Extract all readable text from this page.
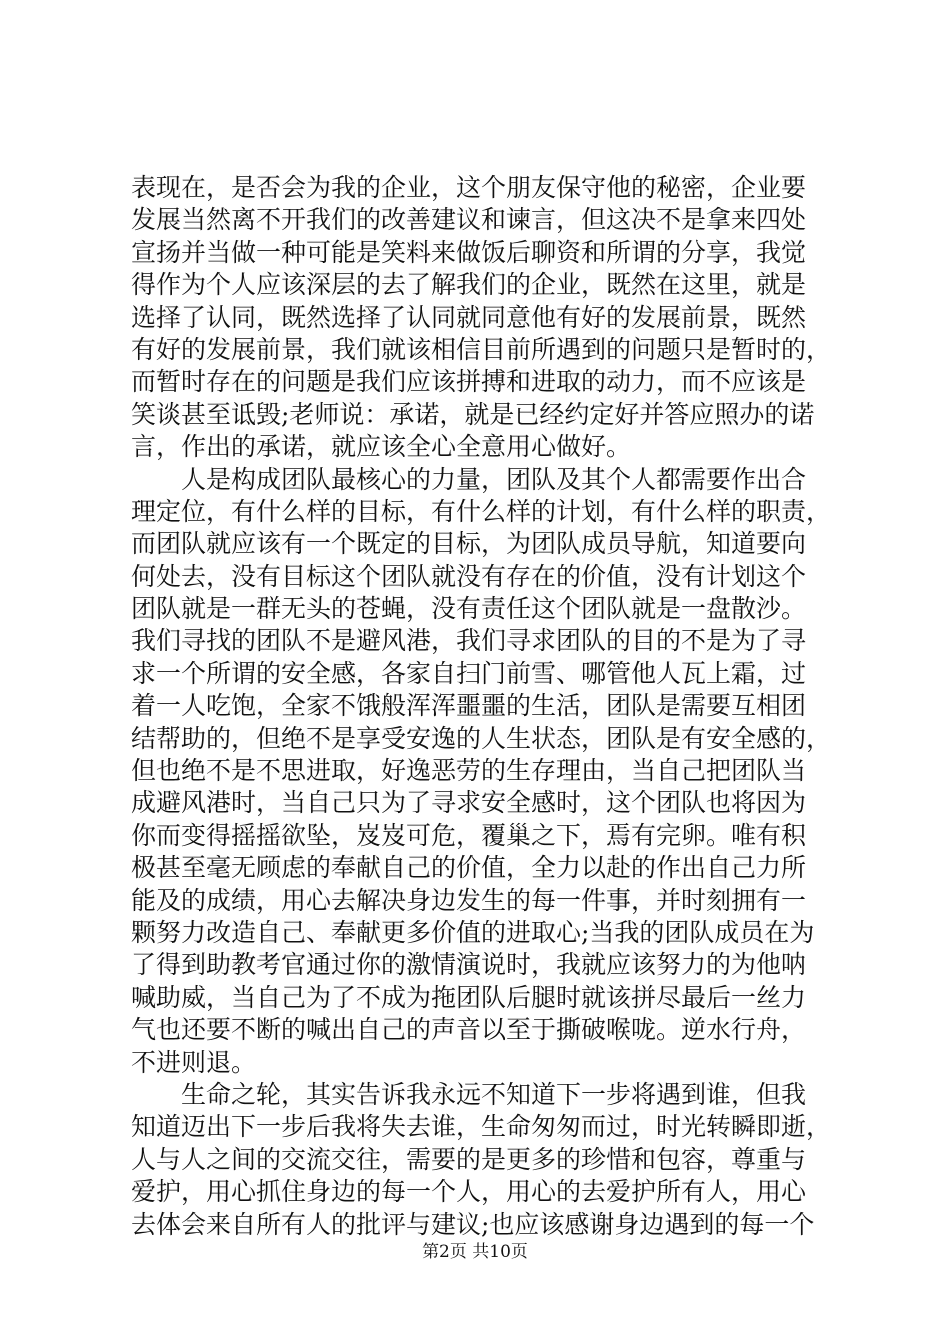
表现在，是否会为我的企业，这个朋友保守他的秘密，企业要
发展当然离不开我们的改善建议和谏言，但这决不是拿来四处
宣扬并当做一种可能是笑料来做饭后聊资和所谓的分享，我觉
得作为个人应该深层的去了解我们的企业，既然在这里，就是
选择了认同，既然选择了认同就同意他有好的发展前景，既然
有好的发展前景，我们就该相信目前所遇到的问题只是暂时的，
而暂时存在的问题是我们应该拼搏和进取的动力，而不应该是
笑谈甚至诋毁;老师说：承诺，就是已经约定好并答应照办的诺
言，作出的承诺，就应该全心全意用心做好。
　　人是构成团队最核心的力量，团队及其个人都需要作出合
理定位，有什么样的目标，有什么样的计划，有什么样的职责，
而团队就应该有一个既定的目标，为团队成员导航，知道要向
何处去，没有目标这个团队就没有存在的价值，没有计划这个
团队就是一群无头的苍蝇，没有责任这个团队就是一盘散沙。
我们寻找的团队不是避风港，我们寻求团队的目的不是为了寻
求一个所谓的安全感，各家自扫门前雪、哪管他人瓦上霜，过
着一人吃饱，全家不饿般浑浑噩噩的生活，团队是需要互相团
结帮助的，但绝不是享受安逸的人生状态，团队是有安全感的，
但也绝不是不思进取，好逸恶劳的生存理由，当自己把团队当
成避风港时，当自己只为了寻求安全感时，这个团队也将因为
你而变得摇摇欲坠，岌岌可危，覆巢之下，焉有完卵。唯有积
极甚至毫无顾虑的奉献自己的价值，全力以赴的作出自己力所
能及的成绩，用心去解决身边发生的每一件事，并时刻拥有一
颗努力改造自己、奉献更多价值的进取心;当我的团队成员在为
了得到助教考官通过你的激情演说时，我就应该努力的为他呐
喊助威，当自己为了不成为拖团队后腿时就该拼尽最后一丝力
气也还要不断的喊出自己的声音以至于撕破喉咙。逆水行舟，
不进则退。
　　生命之轮，其实告诉我永远不知道下一步将遇到谁，但我
知道迈出下一步后我将失去谁，生命匆匆而过，时光转瞬即逝，
人与人之间的交流交往，需要的是更多的珍惜和包容，尊重与
爱护，用心抓住身边的每一个人，用心的去爱护所有人，用心
去体会来自所有人的批评与建议;也应该感谢身边遇到的每一个
第2页 共10页
